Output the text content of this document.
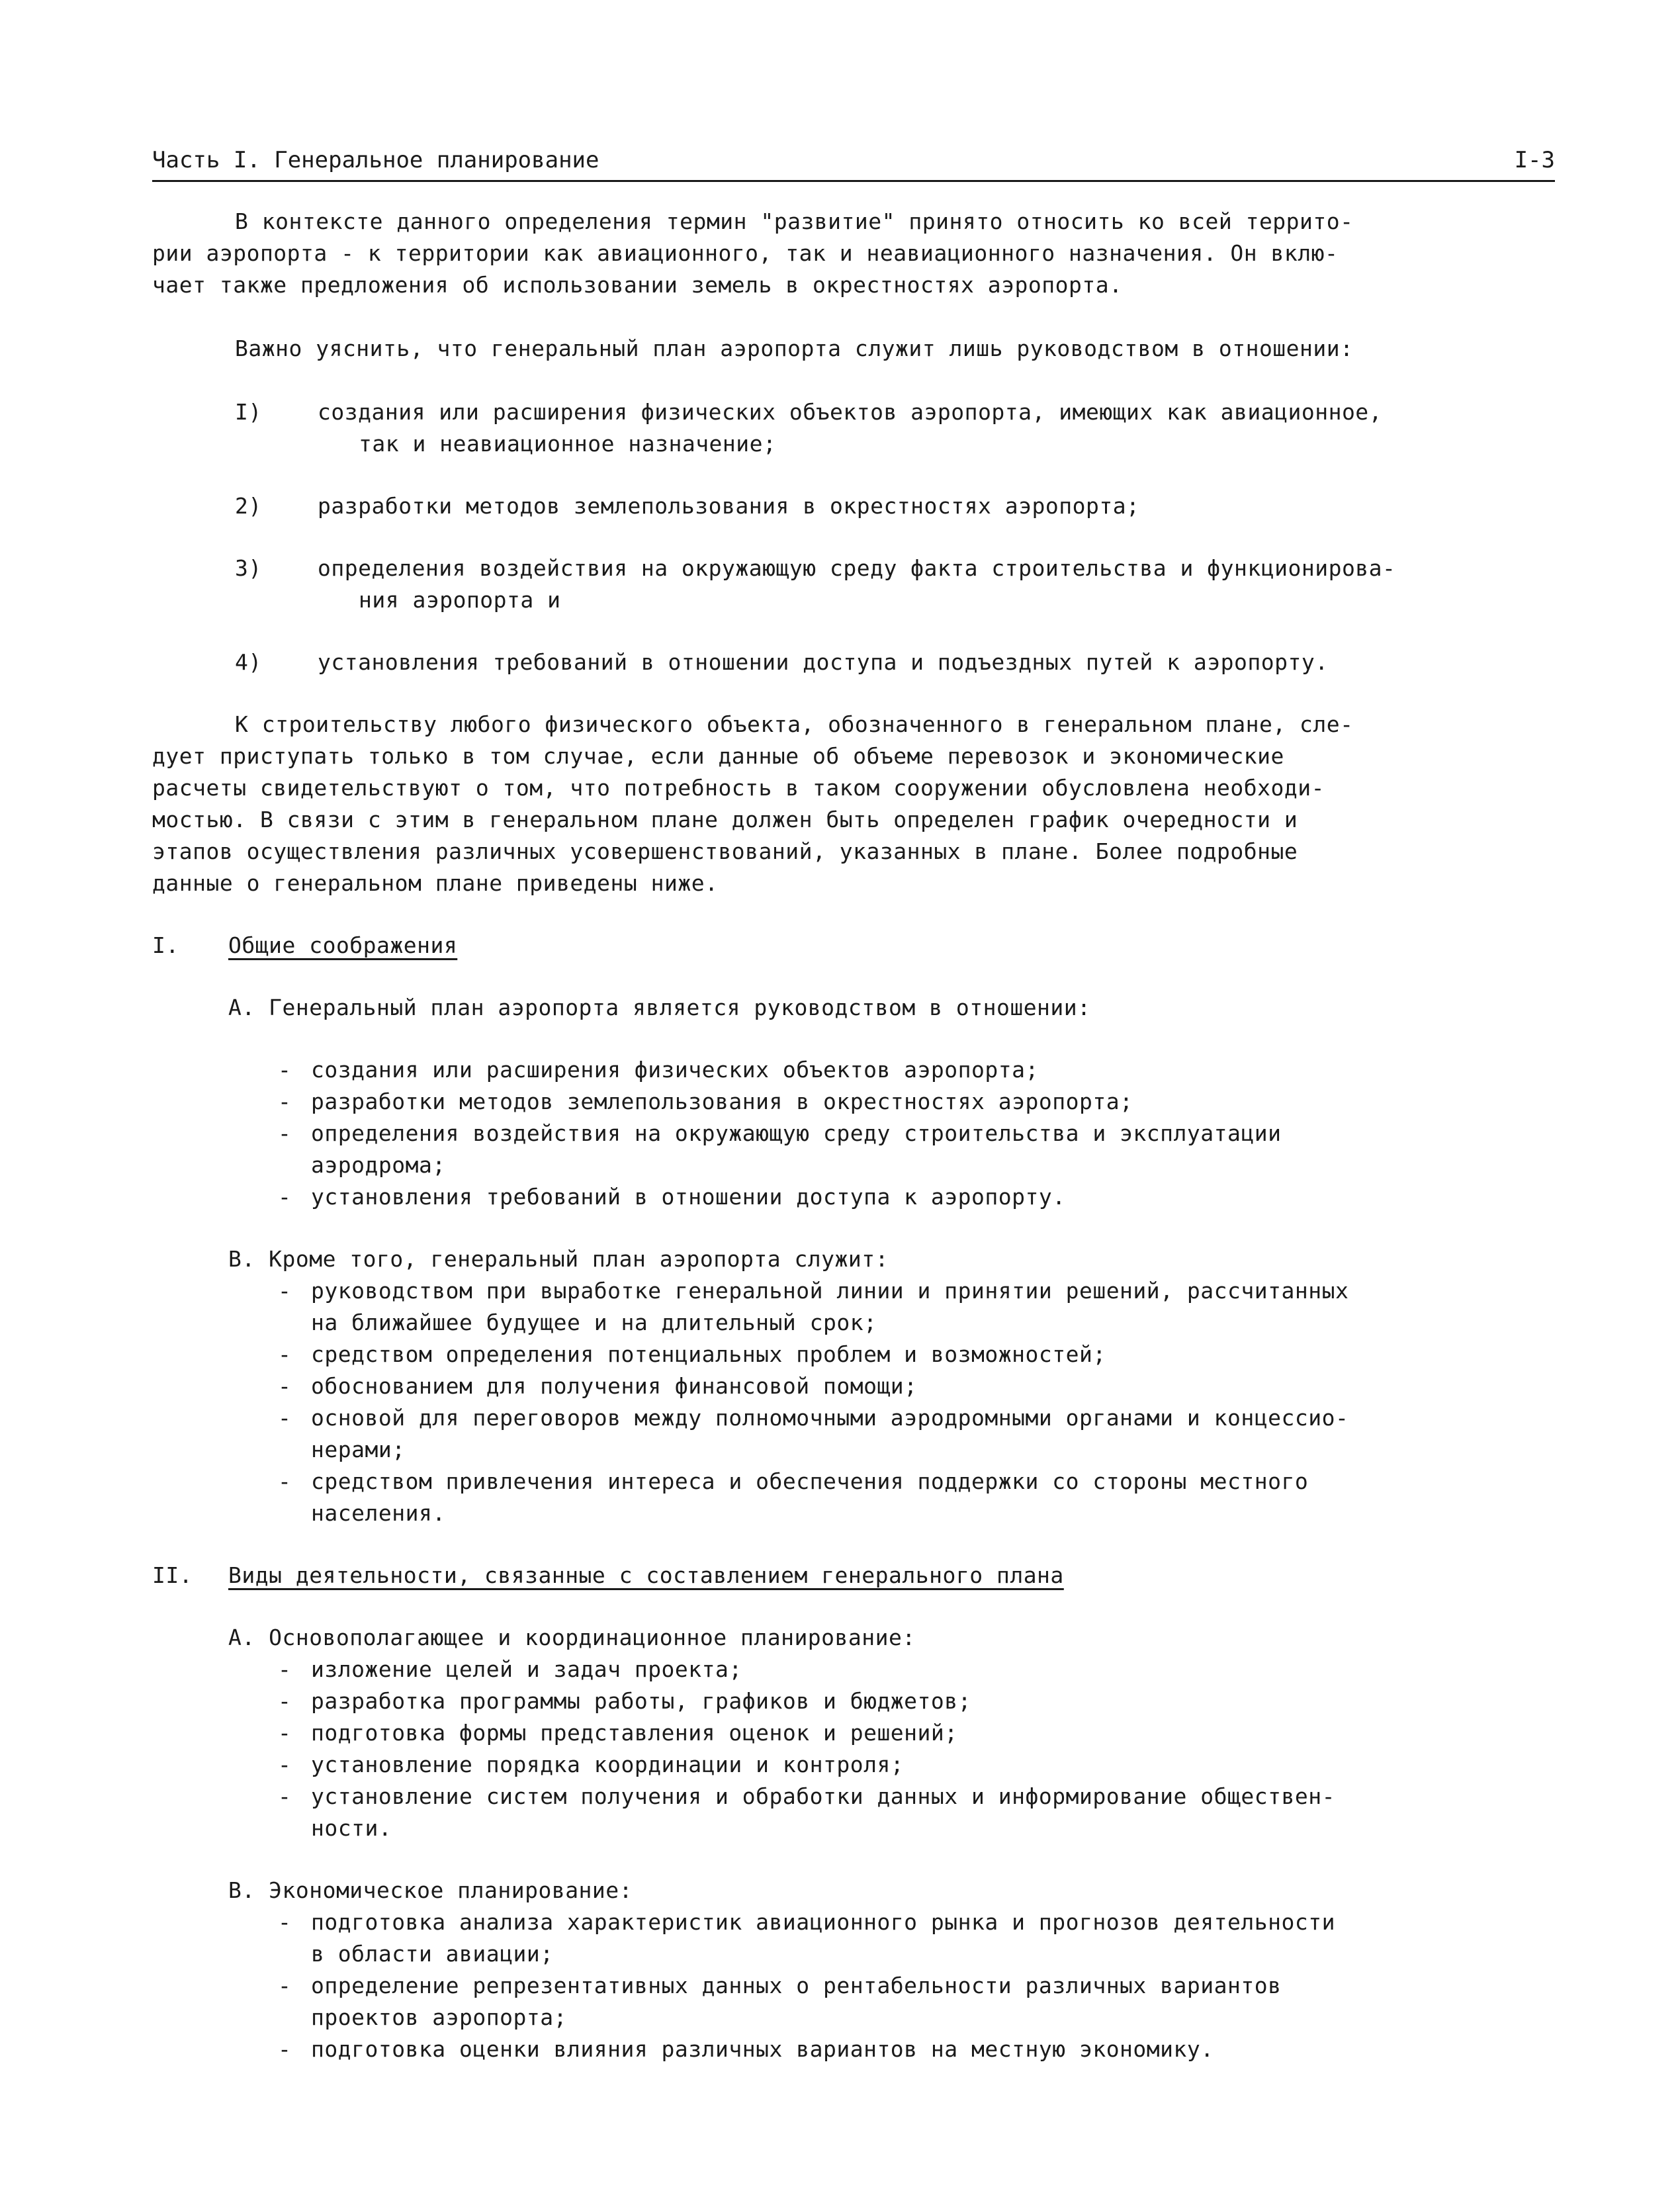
Часть I. Генеральное планирование	I-3

В контексте данного определения термин "развитие" принято относить ко всей террито-

рии аэропорта - к территории как авиационного, так и неавиационного назначения. Он вклю-

чает также предложения об использовании земель в окрестностях аэропорта.

Важно уяснить, что генеральный план аэропорта служит лишь руководством в отношении:

I)	создания или расширения физических объектов аэропорта, имеющих как авиационное,
так и неавиационное назначение;
2)	разработки методов землепользования в окрестностях аэропорта;
3)	определения воздействия на окружающую среду факта строительства и функционирова-
ния аэропорта и
4)	установления требований в отношении доступа и подъездных путей к аэропорту.

К строительству любого физического объекта, обозначенного в генеральном плане, сле-

дует приступать только в том случае, если данные об объеме перевозок и экономические

расчеты свидетельствуют о том, что потребность в таком сооружении обусловлена необходи-

мостью. В связи с этим в генеральном плане должен быть определен график очередности и

этапов осуществления различных усовершенствований, указанных в плане. Более подробные

данные о генеральном плане приведены ниже.

I. Общие соображения
A. Генеральный план аэропорта является руководством в отношении:
- создания или расширения физических объектов аэропорта;
- разработки методов землепользования в окрестностях аэропорта;
- определения воздействия на окружающую среду строительства и эксплуатации
аэродрома;
- установления требований в отношении доступа к аэропорту.
B. Кроме того, генеральный план аэропорта служит:
- руководством при выработке генеральной линии и принятии решений, рассчитанных
на ближайшее будущее и на длительный срок;
- средством определения потенциальных проблем и возможностей;
- обоснованием для получения финансовой помощи;
- основой для переговоров между полномочными аэродромными органами и концессио-
нерами;
- средством привлечения интереса и обеспечения поддержки со стороны местного
населения.
II. Виды деятельности, связанные с составлением генерального плана
A. Основополагающее и координационное планирование:
- изложение целей и задач проекта;
- разработка программы работы, графиков и бюджетов;
- подготовка формы представления оценок и решений;
- установление порядка координации и контроля;
- установление систем получения и обработки данных и информирование обществен-
ности.
B. Экономическое планирование:
- подготовка анализа характеристик авиационного рынка и прогнозов деятельности
в области авиации;
- определение репрезентативных данных о рентабельности различных вариантов
проектов аэропорта;
- подготовка оценки влияния различных вариантов на местную экономику.
